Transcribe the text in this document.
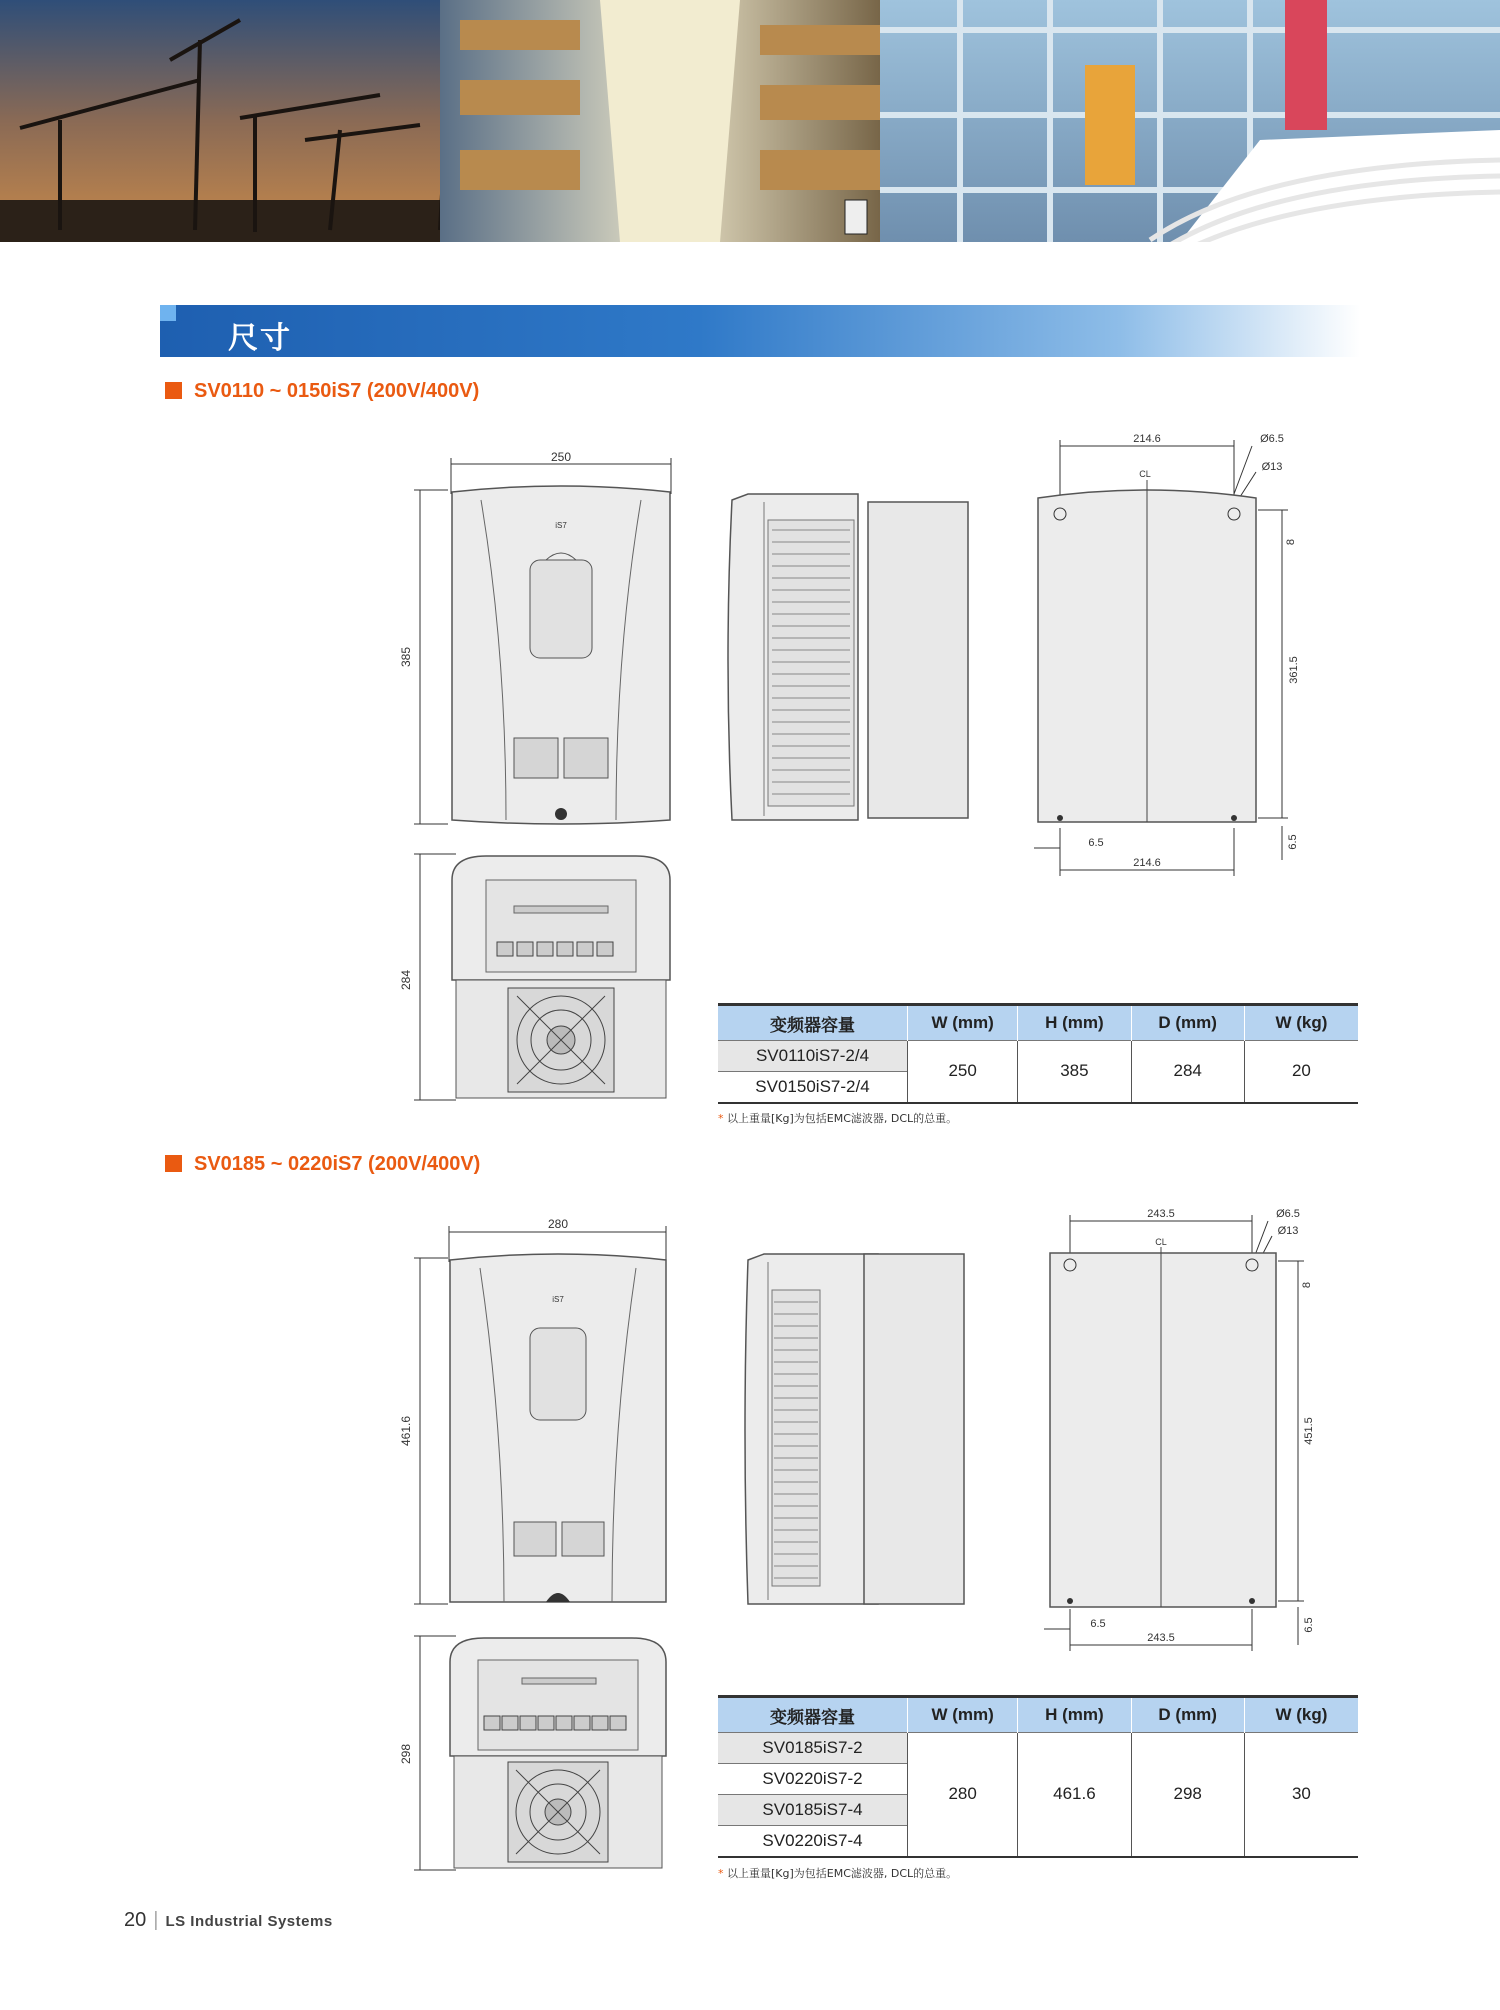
尺寸
SV0110 ~ 0150iS7 (200V/400V)
250
385
iS7
284
214.6	Ø6.5
Ø13
CL
361.5
8
6.5
214.6
6.5
变频器容量	W (mm)	H (mm)	D (mm)	W (kg)
SV0110iS7-2/4	250	385	284	20
SV0150iS7-2/4				
* 以上重量[Kg]为包括EMC滤波器, DCL的总重。
SV0185 ~ 0220iS7 (200V/400V)
280
461.6
iS7
298
243.5	Ø6.5
Ø13
CL
451.5
8
6.5
243.5
6.5
变频器容量	W (mm)	H (mm)	D (mm)	W (kg)
SV0185iS7-2	280	461.6	298	30
SV0220iS7-2				
SV0185iS7-4				
SV0220iS7-4				
* 以上重量[Kg]为包括EMC滤波器, DCL的总重。
20 | LS Industrial Systems
